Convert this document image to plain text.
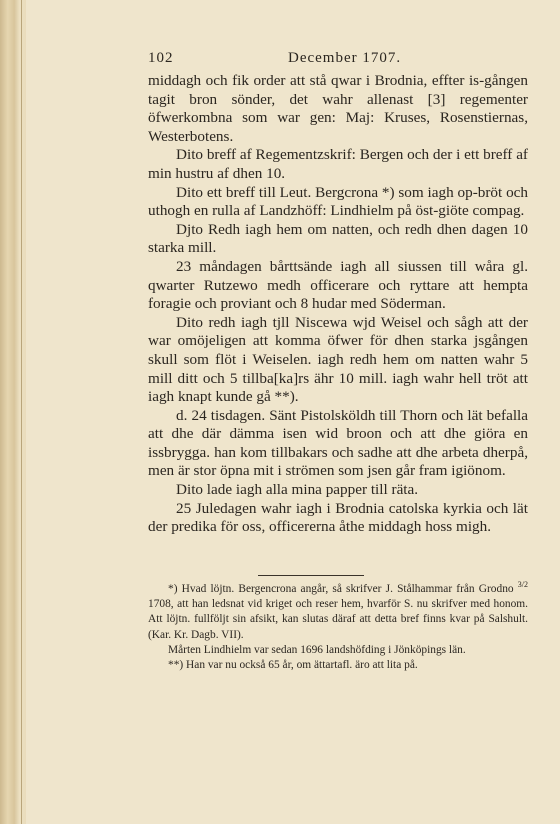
102	December 1707.

middagh och fik order att stå qwar i Brodnia, effter is-gången tagit bron sönder, det wahr allenast [3] regementer öfwerkombna som war gen: Maj: Kruses, Rosenstiernas, Westerbotens.

Dito breff af Regementzskrif: Bergen och der i ett breff af min hustru af dhen 10.

Dito ett breff till Leut. Bergcrona *) som iagh op-bröt och uthogh en rulla af Landzhöff: Lindhielm på öst-giöte compag.

Djto Redh iagh hem om natten, och redh dhen dagen 10 starka mill.

23 måndagen bårttsände iagh all siussen till wåra gl. qwarter Rutzewo medh officerare och ryttare att hempta foragie och proviant och 8 hudar med Söderman.

Dito redh iagh tjll Niscewa wjd Weisel och sågh att der war omöjeligen att komma öfwer för dhen starka jsgången skull som flöt i Weiselen. iagh redh hem om natten wahr 5 mill ditt och 5 tillba[ka]rs ähr 10 mill. iagh wahr hell tröt att iagh knapt kunde gå **).

d. 24 tisdagen. Sänt Pistolsköldh till Thorn och lät befalla att dhe där dämma isen wid broon och att dhe giöra en issbrygga. han kom tillbakars och sadhe att dhe arbeta dherpå, men är stor öpna mit i strömen som jsen går fram igiönom.

Dito lade iagh alla mina papper till räta.

25 Juledagen wahr iagh i Brodnia catolska kyrkia och lät der predika för oss, officererna åthe middagh hoss migh.

*) Hvad löjtn. Bergencrona angår, så skrifver J. Stålhammar från Grodno $^{3/2}$ 1708, att han ledsnat vid kriget och reser hem, hvarför S. nu skrifver med honom. Att löjtn. fullföljt sin afsikt, kan slutas däraf att detta bref finns kvar på Salshult. (Kar. Kr. Dagb. VII).

Mårten Lindhielm var sedan 1696 landshöfding i Jönköpings län.

**) Han var nu också 65 år, om ättartafl. äro att lita på.
